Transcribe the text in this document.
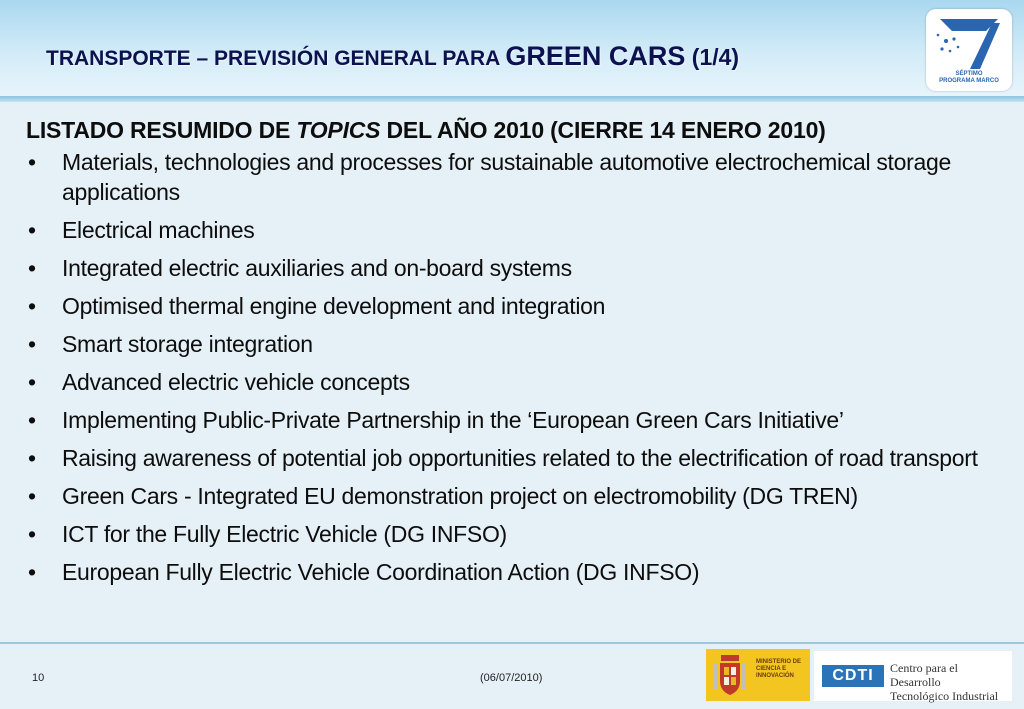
TRANSPORTE – PREVISIÓN GENERAL PARA GREEN CARS (1/4)
SÉPTIMO
PROGRAMA MARCO

LISTADO RESUMIDO DE TOPICS DEL AÑO 2010 (CIERRE 14 ENERO 2010)

• Materials, technologies and processes for sustainable automotive electrochemical storage applications
• Electrical machines
• Integrated electric auxiliaries and on-board systems
• Optimised thermal engine development and integration
• Smart storage integration
• Advanced electric vehicle concepts
• Implementing Public-Private Partnership in the ‘European Green Cars Initiative’
• Raising awareness of potential job opportunities related to the electrification of road transport
• Green Cars - Integrated EU demonstration project on electromobility (DG TREN)
• ICT for the Fully Electric Vehicle (DG INFSO)
• European Fully Electric Vehicle Coordination Action (DG INFSO)
10	(06/07/2010)
MINISTERIO DE CIENCIA E INNOVACIÓN	CDTI	Centro para el Desarrollo
Tecnológico Industrial
